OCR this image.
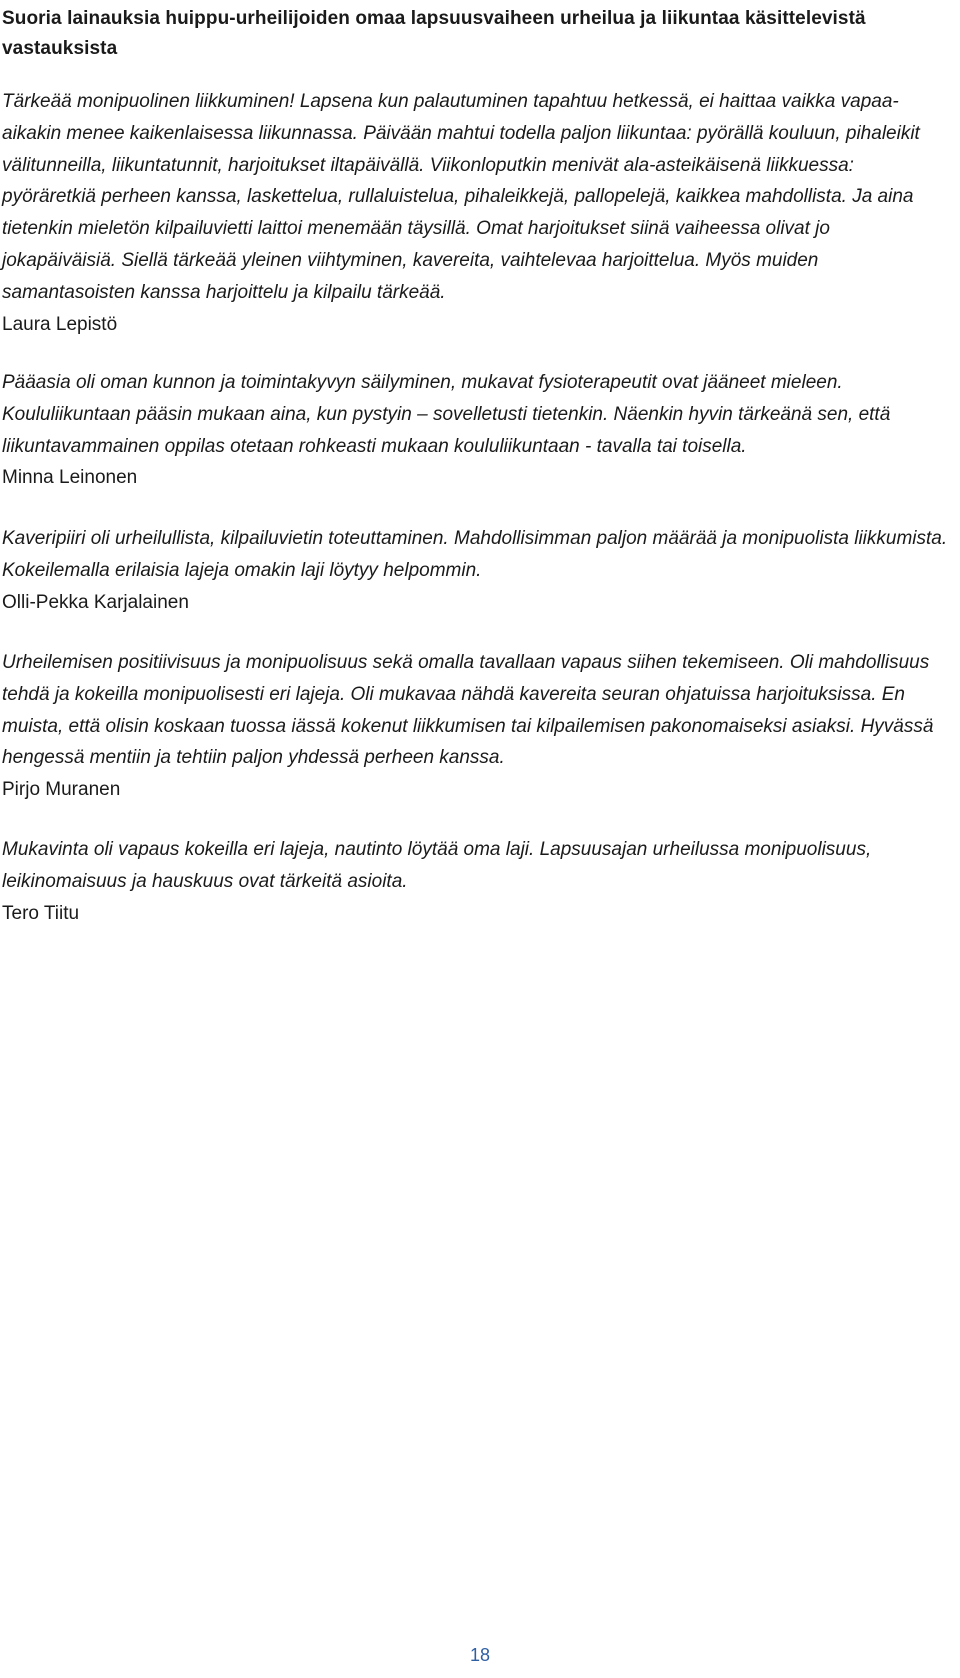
Suoria lainauksia huippu-urheilijoiden omaa lapsuusvaiheen urheilua ja liikuntaa käsittelevistä vastauksista

Tärkeää monipuolinen liikkuminen! Lapsena kun palautuminen tapahtuu hetkessä, ei haittaa vaikka vapaa-aikakin menee kaikenlaisessa liikunnassa. Päivään mahtui todella paljon liikuntaa: pyörällä kouluun, pihaleikit välitunneilla, liikuntatunnit, harjoitukset iltapäivällä. Viikonloputkin menivät ala-asteikäisenä liikkuessa: pyöräretkiä perheen kanssa, laskettelua, rullaluistelua, pihaleikkejä, pallopelejä, kaikkea mahdollista. Ja aina tietenkin mieletön kilpailuvietti laittoi menemään täysillä. Omat harjoitukset siinä vaiheessa olivat jo jokapäiväisiä. Siellä tärkeää yleinen viihtyminen, kavereita, vaihtelevaa harjoittelua. Myös muiden samantasoisten kanssa harjoittelu ja kilpailu tärkeää.

Laura Lepistö

Pääasia oli oman kunnon ja toimintakyvyn säilyminen, mukavat fysioterapeutit ovat jääneet mieleen. Koululiikuntaan pääsin mukaan aina, kun pystyin – sovelletusti tietenkin. Näenkin hyvin tärkeänä sen, että liikuntavammainen oppilas otetaan rohkeasti mukaan koululiikuntaan - tavalla tai toisella.

Minna Leinonen

Kaveripiiri oli urheilullista, kilpailuvietin toteuttaminen. Mahdollisimman paljon määrää ja monipuolista liikkumista. Kokeilemalla erilaisia lajeja omakin laji löytyy helpommin.

Olli-Pekka Karjalainen

Urheilemisen positiivisuus ja monipuolisuus sekä omalla tavallaan vapaus siihen tekemiseen. Oli mahdollisuus tehdä ja kokeilla monipuolisesti eri lajeja. Oli mukavaa nähdä kavereita seuran ohjatuissa harjoituksissa. En muista, että olisin koskaan tuossa iässä kokenut liikkumisen tai kilpailemisen pakonomaiseksi asiaksi. Hyvässä hengessä mentiin ja tehtiin paljon yhdessä perheen kanssa.

Pirjo Muranen

Mukavinta oli vapaus kokeilla eri lajeja, nautinto löytää oma laji. Lapsuusajan urheilussa monipuolisuus, leikinomaisuus ja hauskuus ovat tärkeitä asioita.

Tero Tiitu

18
